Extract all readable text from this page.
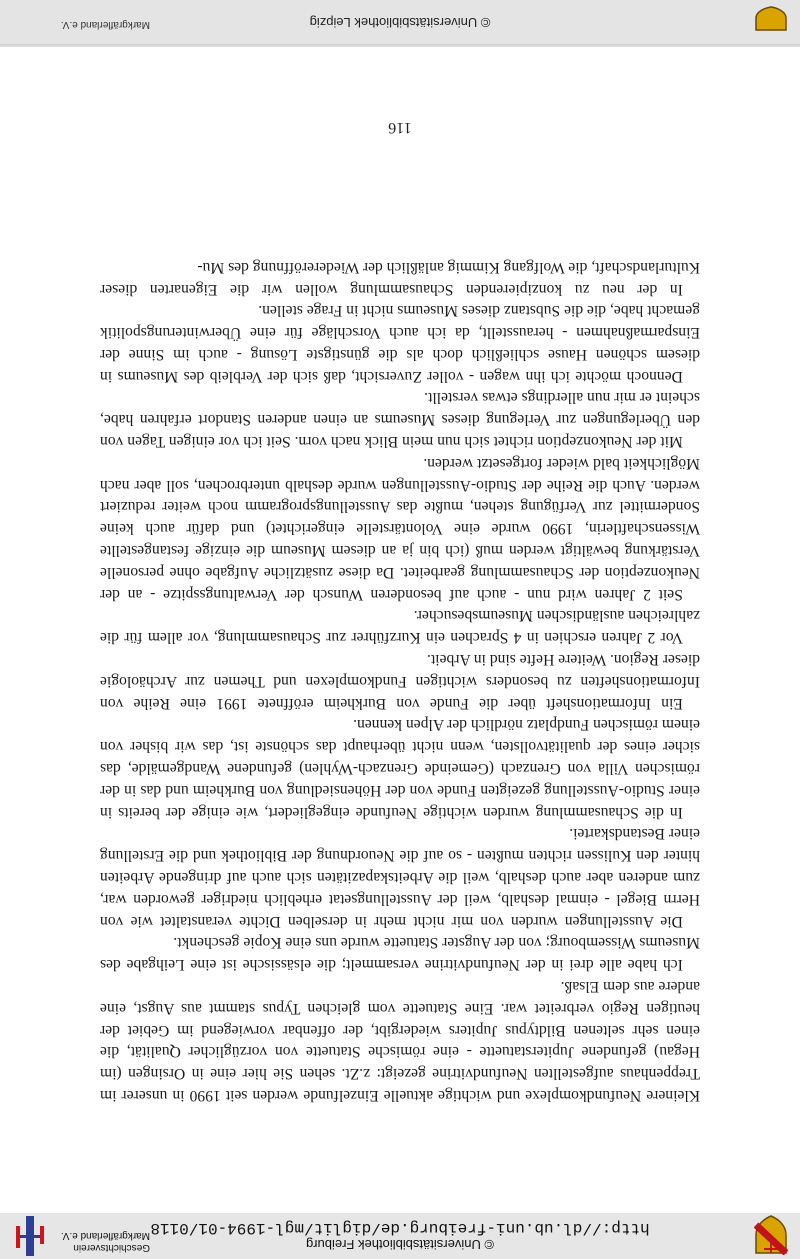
© Universitätsbibliothek Freiburg
http://dl.ub.uni-freiburg.de/diglit/mgl-1994-01/0118
Geschichtsverein
Markgräflerland e.V.

Kleinere Neufundkomplexe und wichtige aktuelle Einzelfunde werden seit 1990 in unserer im Treppenhaus aufgestellten Neufundvitrine gezeigt: z.Zt. sehen Sie hier eine in Orsingen (im Hegau) gefundene Jupiterstatuette - eine römische Statuette von vorzüglicher Qualität, die einen sehr seltenen Bildtypus Jupiters wiedergibt, der offenbar vorwiegend im Gebiet der heutigen Regio verbreitet war. Eine Statuette vom gleichen Typus stammt aus Augst, eine andere aus dem Elsaß.

Ich habe alle drei in der Neufundvitrine versammelt; die elsässische ist eine Leihgabe des Museums Wissembourg; von der Augster Statuette wurde uns eine Kopie geschenkt.

Die Ausstellungen wurden von mir nicht mehr in derselben Dichte veranstaltet wie von Herrn Biegel - einmal deshalb, weil der Ausstellungsetat erheblich niedriger geworden war, zum anderen aber auch deshalb, weil die Arbeitskapazitäten sich auch auf dringende Arbeiten hinter den Kulissen richten mußten - so auf die Neuordnung der Bibliothek und die Erstellung einer Bestandskartei.

In die Schausammlung wurden wichtige Neufunde eingegliedert, wie einige der bereits in einer Studio-Ausstellung gezeigten Funde von der Höhensiedlung von Burkheim und das in der römischen Villa von Grenzach (Gemeinde Grenzach-Wyhlen) gefundene Wandgemälde, das sicher eines der qualitätvollsten, wenn nicht überhaupt das schönste ist, das wir bisher von einem römischen Fundplatz nördlich der Alpen kennen.

Ein Informationsheft über die Funde von Burkheim eröffnete 1991 eine Reihe von Informationsheften zu besonders wichtigen Fundkomplexen und Themen zur Archäologie dieser Region. Weitere Hefte sind in Arbeit.

Vor 2 Jahren erschien in 4 Sprachen ein Kurzführer zur Schausammlung, vor allem für die zahlreichen ausländischen Museumsbesucher.

Seit 2 Jahren wird nun - auch auf besonderen Wunsch der Verwaltungsspitze - an der Neukonzeption der Schausammlung gearbeitet. Da diese zusätzliche Aufgabe ohne personelle Verstärkung bewältigt werden muß (ich bin ja an diesem Museum die einzige festangestellte Wissenschaftlerin, 1990 wurde eine Volontärstelle eingerichtet) und dafür auch keine Sondermittel zur Verfügung stehen, mußte das Ausstellungsprogramm noch weiter reduziert werden. Auch die Reihe der Studio-Ausstellungen wurde deshalb unterbrochen, soll aber nach Möglichkeit bald wieder fortgesetzt werden.

Mit der Neukonzeption richtet sich nun mein Blick nach vorn. Seit ich vor einigen Tagen von den Überlegungen zur Verlegung dieses Museums an einen anderen Standort erfahren habe, scheint er mir nun allerdings etwas verstellt.

Dennoch möchte ich ihn wagen - voller Zuversicht, daß sich der Verbleib des Museums in diesem schönen Hause schließlich doch als die günstigste Lösung - auch im Sinne der Einsparmaßnahmen - herausstellt, da ich auch Vorschläge für eine Überwinterungspolitik gemacht habe, die die Substanz dieses Museums nicht in Frage stellen.

In der neu zu konzipierenden Schausammlung wollen wir die Eigenarten dieser Kulturlandschaft, die Wolfgang Kimmig anläßlich der Wiedereröffnung des Mu-

116
© Universitätsbibliothek Leipzig
Markgräflerland e.V.
